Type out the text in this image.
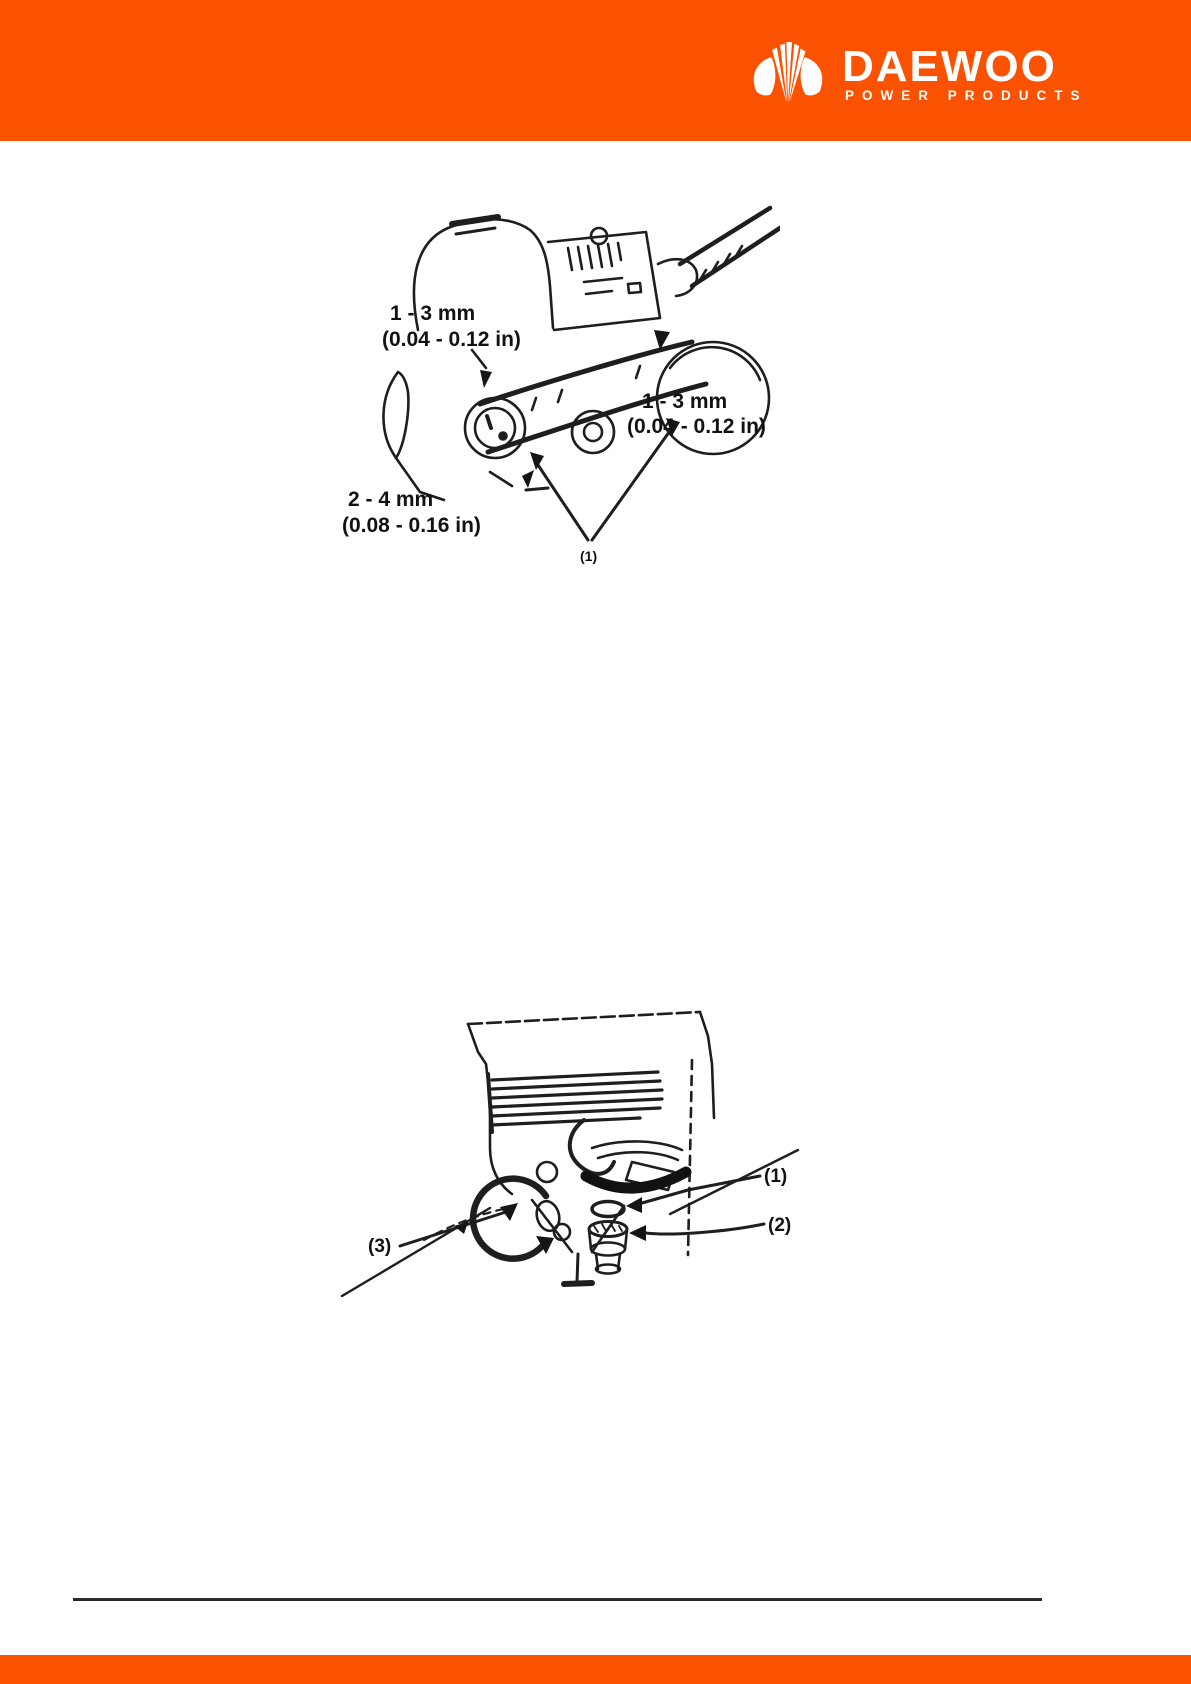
DAEWOO
POWER PRODUCTS
1 - 3 mm
(0.04 - 0.12 in)
1 - 3 mm
(0.04 - 0.12 in)
2 - 4 mm
(0.08 - 0.16 in)
(1)
(1)
(2)
(3)
